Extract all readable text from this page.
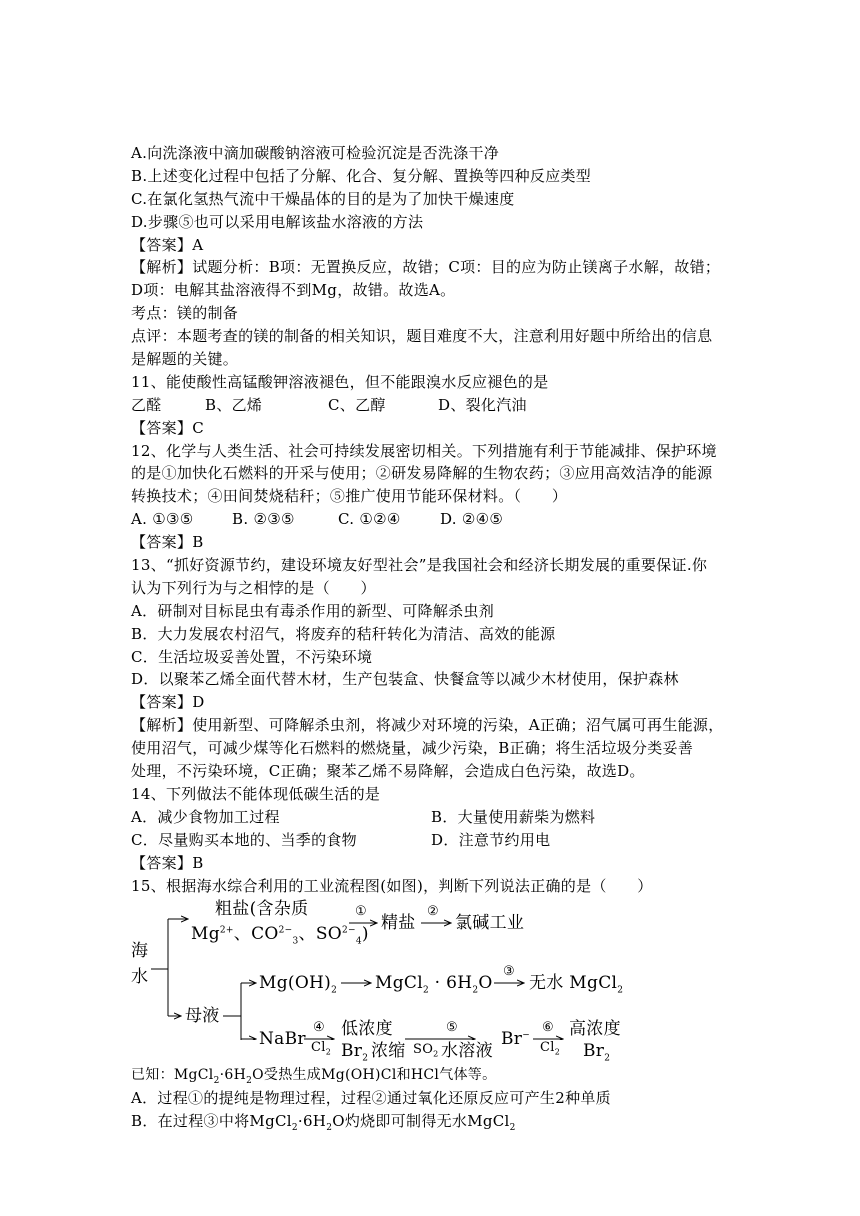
A.向洗涤液中滴加碳酸钠溶液可检验沉淀是否洗涤干净
B.上述变化过程中包括了分解、化合、复分解、置换等四种反应类型
C.在氯化氢热气流中干燥晶体的目的是为了加快干燥速度
D.步骤⑤也可以采用电解该盐水溶液的方法
【答案】A
【解析】试题分析：B项：无置换反应，故错；C项：目的应为防止镁离子水解，故错；
D项：电解其盐溶液得不到Mg，故错。故选A。
考点：镁的制备
点评：本题考查的镁的制备的相关知识，题目难度不大，注意利用好题中所给出的信息
是解题的关键。
11、能使酸性高锰酸钾溶液褪色，但不能跟溴水反应褪色的是
乙醛	B、乙烯	C、乙醇	D、裂化汽油
【答案】C
12、化学与人类生活、社会可持续发展密切相关。下列措施有利于节能减排、保护环境
的是①加快化石燃料的开采与使用；②研发易降解的生物农药；③应用高效洁净的能源
转换技术；④田间焚烧秸秆；⑤推广使用节能环保材料。（　　）
A. ①③⑤	B. ②③⑤	C. ①②④	D. ②④⑤
【答案】B
13、“抓好资源节约，建设环境友好型社会”是我国社会和经济长期发展的重要保证.你
认为下列行为与之相悖的是（　　）
A．研制对目标昆虫有毒杀作用的新型、可降解杀虫剂
B．大力发展农村沼气，将废弃的秸秆转化为清洁、高效的能源
C．生活垃圾妥善处置，不污染环境
D．以聚苯乙烯全面代替木材，生产包装盒、快餐盒等以减少木材使用，保护森林
【答案】D
【解析】使用新型、可降解杀虫剂，将减少对环境的污染，A正确；沼气属可再生能源，
使用沼气，可减少煤等化石燃料的燃烧量，减少污染，B正确；将生活垃圾分类妥善
处理，不污染环境，C正确；聚苯乙烯不易降解，会造成白色污染，故选D。
14、下列做法不能体现低碳生活的是
A．减少食物加工过程	B．大量使用薪柴为燃料
C．尽量购买本地的、当季的食物	D．注意节约用电
【答案】B
15、根据海水综合利用的工业流程图(如图)，判断下列说法正确的是（　　）
海
水
粗盐(含杂质
$Mg^{2+}$、$CO^{2-}_3$、$SO^{2-}_4$)
①
精盐
②
氯碱工业
母液
$Mg(OH)_2$ MgCl$_2$ · $6H_2O$
③
无水 MgCl$_2$
NaBr
④
$Cl_2$
低浓度
$Br_2$ 浓缩
⑤
$SO_2$ 水溶液
Br−
⑥
$Cl_2$
高浓度
$Br_2$
已知：$MgCl_2\cdot 6H_2O$受热生成Mg(OH)Cl和HCl气体等。
A．过程①的提纯是物理过程，过程②通过氧化还原反应可产生2种单质
B．在过程③中将$MgCl_2\cdot 6H_2O$灼烧即可制得无水MgCl$_2$
